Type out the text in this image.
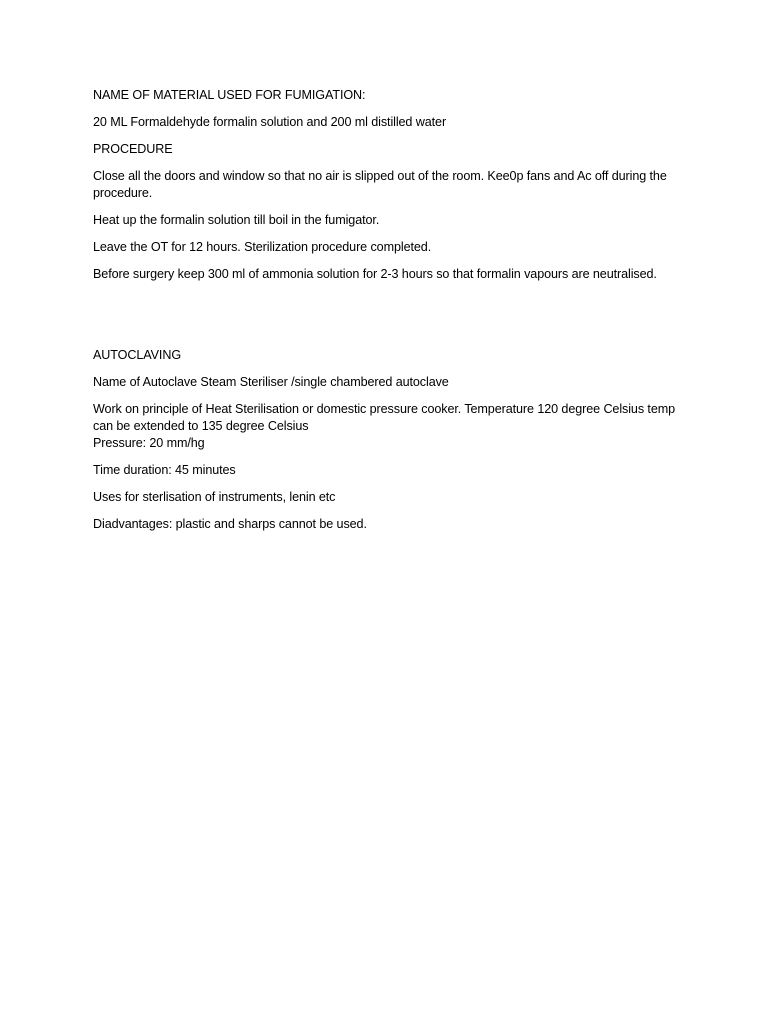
NAME OF MATERIAL USED FOR FUMIGATION:

20 ML Formaldehyde formalin solution and 200 ml distilled water

PROCEDURE

Close all the doors and window so that no air is slipped out of the room. Kee0p fans and Ac off during the procedure.

Heat up the formalin solution till boil in the fumigator.

Leave the OT for 12 hours. Sterilization procedure completed.

Before surgery keep 300 ml of ammonia solution for 2-3 hours so that formalin vapours are neutralised.

AUTOCLAVING

Name of Autoclave Steam Steriliser /single chambered autoclave

Work on principle of Heat Sterilisation or domestic pressure cooker. Temperature 120 degree Celsius temp can be extended to 135 degree Celsius
Pressure: 20 mm/hg

Time duration: 45 minutes

Uses for sterlisation of instruments, lenin etc

Diadvantages: plastic and sharps cannot be used.
